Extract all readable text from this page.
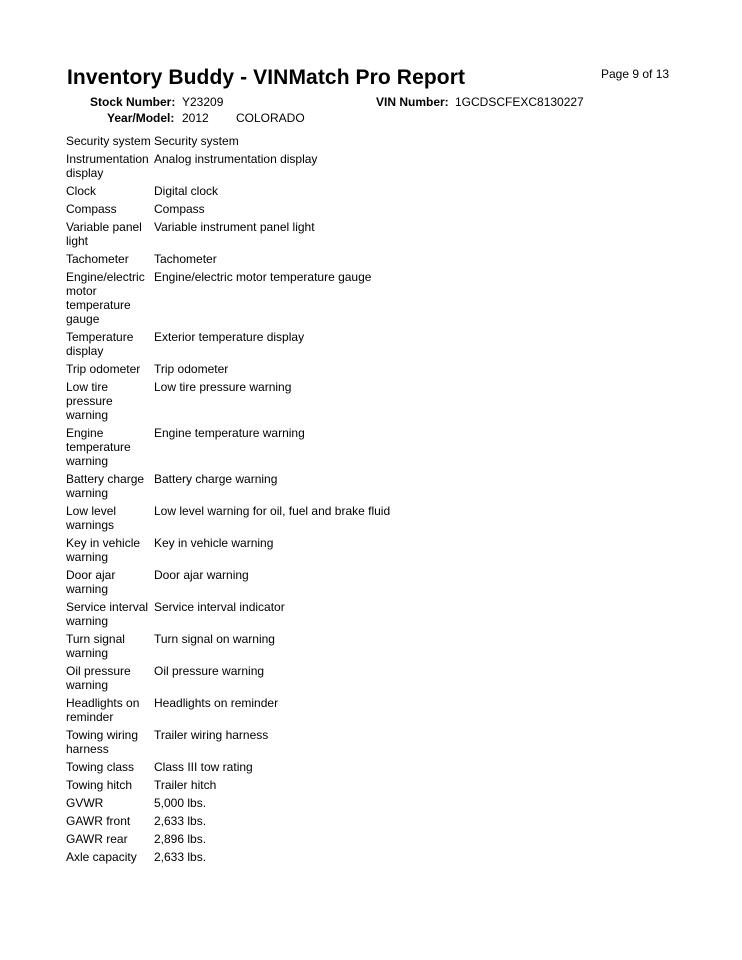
Inventory Buddy - VINMatch Pro Report	Page 9 of 13
Stock Number: Y23209	VIN Number: 1GCDSCFEXC8130227
Year/Model: 2012 COLORADO
Security system	Security system
Instrumentation display	Analog instrumentation display
Clock	Digital clock
Compass	Compass
Variable panel light	Variable instrument panel light
Tachometer	Tachometer
Engine/electric motor temperature gauge	Engine/electric motor temperature gauge
Temperature display	Exterior temperature display
Trip odometer	Trip odometer
Low tire pressure warning	Low tire pressure warning
Engine temperature warning	Engine temperature warning
Battery charge warning	Battery charge warning
Low level warnings	Low level warning for oil, fuel and brake fluid
Key in vehicle warning	Key in vehicle warning
Door ajar warning	Door ajar warning
Service interval warning	Service interval indicator
Turn signal warning	Turn signal on warning
Oil pressure warning	Oil pressure warning
Headlights on reminder	Headlights on reminder
Towing wiring harness	Trailer wiring harness
Towing class	Class III tow rating
Towing hitch	Trailer hitch
GVWR	5,000 lbs.
GAWR front	2,633 lbs.
GAWR rear	2,896 lbs.
Axle capacity	2,633 lbs.
